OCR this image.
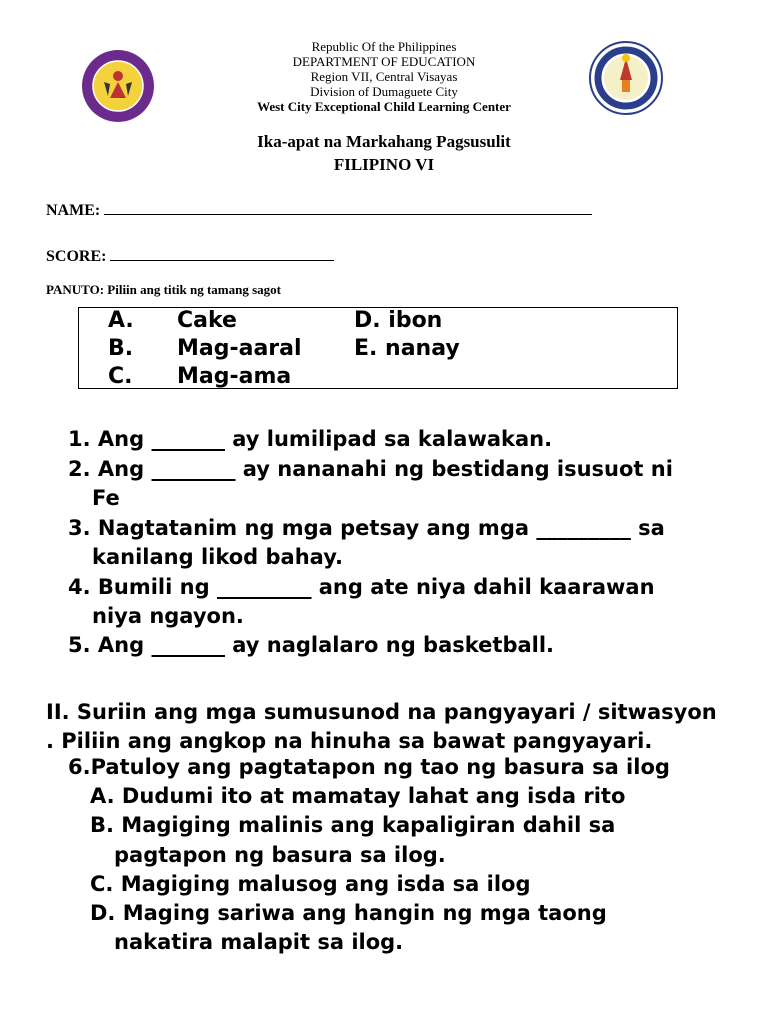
Republic Of the Philippines
DEPARTMENT OF EDUCATION
Region VII, Central Visayas
Division of Dumaguete City
West City Exceptional Child Learning Center
Ika-apat na Markahang Pagsusulit
FILIPINO VI
NAME:
SCORE:
PANUTO: Piliin ang titik ng tamang sagot
A. Cake
B. Mag-aaral
C. Mag-ama
D. ibon
E. nanay
1. Ang _______ ay lumilipad sa kalawakan.
2. Ang ________ ay nananahi ng bestidang isusuot ni
Fe
3. Nagtatanim ng mga petsay ang mga _________ sa
kanilang likod bahay.
4. Bumili ng _________ ang ate niya dahil kaarawan
niya ngayon.
5. Ang _______ ay naglalaro ng basketball.
II. Suriin ang mga sumusunod na pangyayari / sitwasyon
. Piliin ang angkop na hinuha sa bawat pangyayari.
6.Patuloy ang pagtatapon ng tao ng basura sa ilog
A. Dudumi ito at mamatay lahat ang isda rito
B. Magiging malinis ang kapaligiran dahil sa
pagtapon ng basura sa ilog.
C. Magiging malusog ang isda sa ilog
D. Maging sariwa ang hangin ng mga taong
nakatira malapit sa ilog.
